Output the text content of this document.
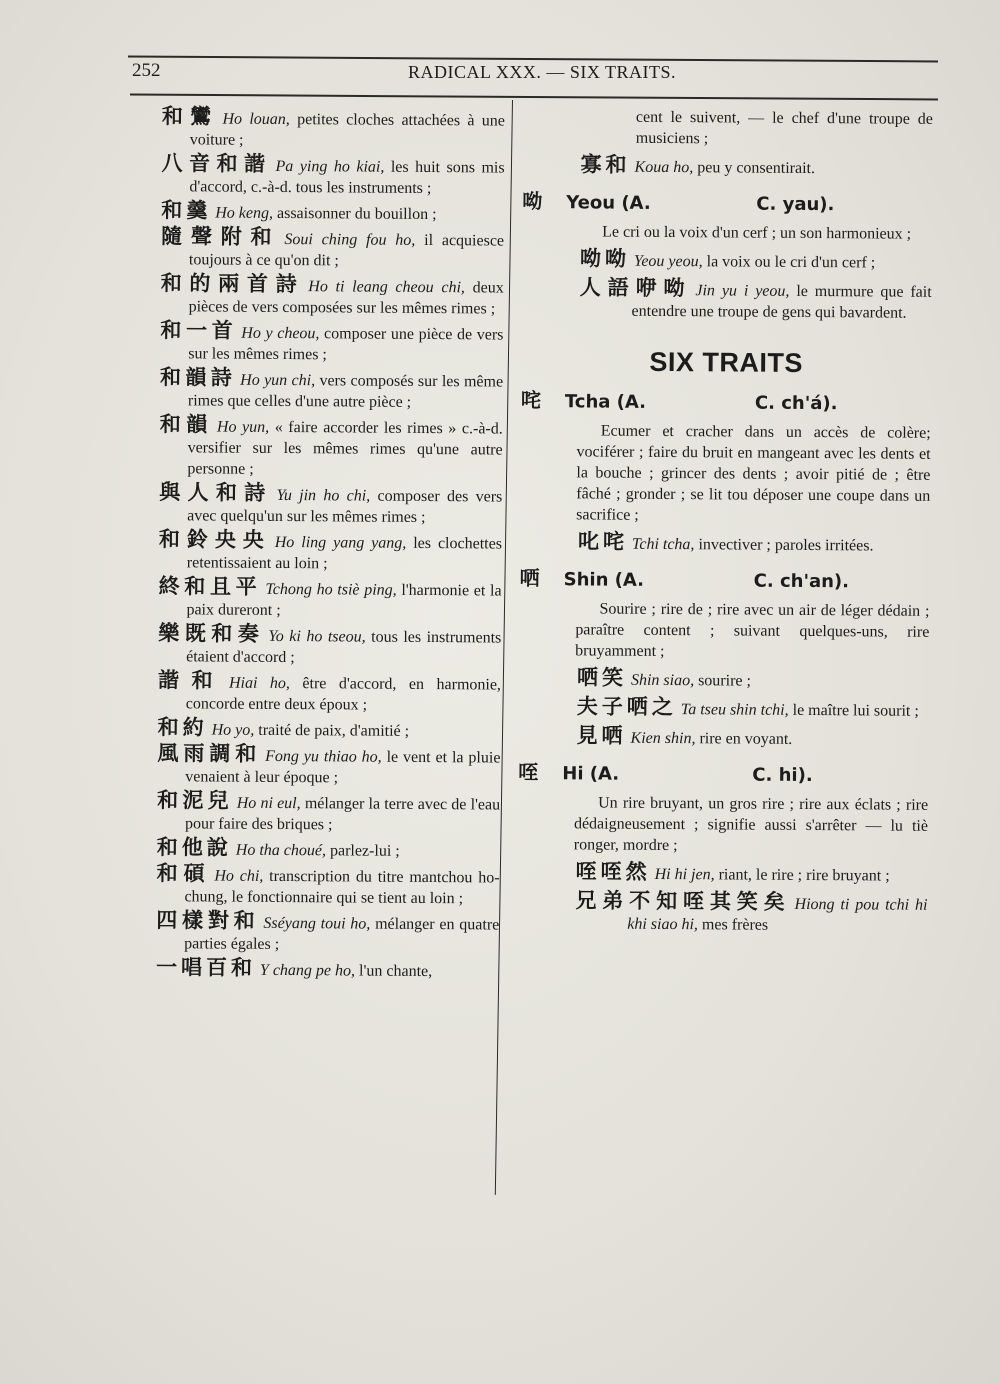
252	RADICAL XXX. — SIX TRAITS.

和鸞 Ho louan, petites cloches attachées à une voiture ;

八音和諧 Pa ying ho kiai, les huit sons mis d'accord, c.-à-d. tous les instruments ;

和羹 Ho keng, assaisonner du bouillon ;

隨聲附和 Soui ching fou ho, il acquiesce toujours à ce qu'on dit ;

和的兩首詩 Ho ti leang cheou chi, deux pièces de vers composées sur les mêmes rimes ;

和一首 Ho y cheou, composer une pièce de vers sur les mêmes rimes ;

和韻詩 Ho yun chi, vers composés sur les même rimes que celles d'une autre pièce ;

和韻 Ho yun, « faire accorder les rimes » c.-à-d. versifier sur les mêmes rimes qu'une autre personne ;

與人和詩 Yu jin ho chi, composer des vers avec quelqu'un sur les mêmes rimes ;

和鈴央央 Ho ling yang yang, les clochettes retentissaient au loin ;

終和且平 Tchong ho tsiè ping, l'harmonie et la paix dureront ;

樂既和奏 Yo ki ho tseou, tous les instruments étaient d'accord ;

諧和 Hiai ho, être d'accord, en harmonie, concorde entre deux époux ;

和約 Ho yo, traité de paix, d'amitié ;

風雨調和 Fong yu thiao ho, le vent et la pluie venaient à leur époque ;

和泥兒 Ho ni eul, mélanger la terre avec de l'eau pour faire des briques ;

和他說 Ho tha choué, parlez-lui ;

和碩 Ho chi, transcription du titre mantchou ho-chung, le fonctionnaire qui se tient au loin ;

四樣對和 Sséyang toui ho, mélanger en quatre parties égales ;

一唱百和 Y chang pe ho, l'un chante,

cent le suivent, — le chef d'une troupe de musiciens ;

寡和 Koua ho, peu y consentirait.

呦	Yeou (A.	C. yau).

Le cri ou la voix d'un cerf ; un son harmonieux ;

呦呦 Yeou yeou, la voix ou le cri d'un cerf ;

人語咿呦 Jin yu i yeou, le murmure que fait entendre une troupe de gens qui bavardent.

SIX TRAITS
咤	Tcha (A.	C. ch'á).

Ecumer et cracher dans un accès de colère; vociférer ; faire du bruit en mangeant avec les dents et la bouche ; grincer des dents ; avoir pitié de ; être fâché ; gronder ; se lit tou déposer une coupe dans un sacrifice ;

叱咤 Tchi tcha, invectiver ; paroles irritées.

哂	Shin (A.	C. ch'an).

Sourire ; rire de ; rire avec un air de léger dédain ; paraître content ; suivant quelques-uns, rire bruyamment ;

哂笑 Shin siao, sourire ;

夫子哂之 Ta tseu shin tchi, le maître lui sourit ;

見哂 Kien shin, rire en voyant.

咥	Hi (A.	C. hi).

Un rire bruyant, un gros rire ; rire aux éclats ; rire dédaigneusement ; signifie aussi s'arrêter — lu tiè ronger, mordre ;

咥咥然 Hi hi jen, riant, le rire ; rire bruyant ;

兄弟不知咥其笑矣 Hiong ti pou tchi hi khi siao hi, mes frères
